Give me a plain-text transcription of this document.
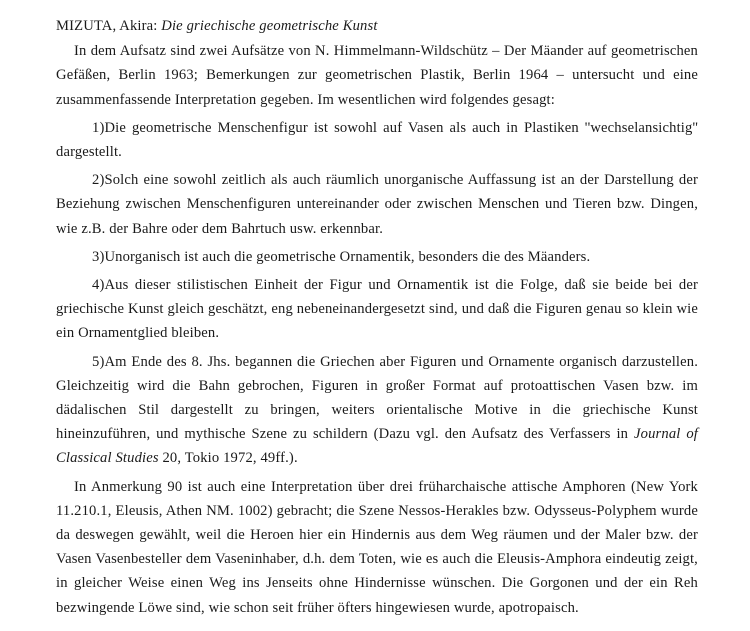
MIZUTA, Akira: Die griechische geometrische Kunst

In dem Aufsatz sind zwei Aufsätze von N. Himmelmann-Wildschütz – Der Mäander auf geometrischen Gefäßen, Berlin 1963; Bemerkungen zur geometrischen Plastik, Berlin 1964 – untersucht und eine zusammenfassende Interpretation gegeben. Im wesentlichen wird folgendes gesagt:

1)Die geometrische Menschenfigur ist sowohl auf Vasen als auch in Plastiken ''wechselansichtig'' dargestellt.

2)Solch eine sowohl zeitlich als auch räumlich unorganische Auffassung ist an der Darstellung der Beziehung zwischen Menschenfiguren untereinander oder zwischen Menschen und Tieren bzw. Dingen, wie z.B. der Bahre oder dem Bahrtuch usw. erkennbar.

3)Unorganisch ist auch die geometrische Ornamentik, besonders die des Mäanders.

4)Aus dieser stilistischen Einheit der Figur und Ornamentik ist die Folge, daß sie beide bei der griechische Kunst gleich geschätzt, eng nebeneinandergesetzt sind, und daß die Figuren genau so klein wie ein Ornamentglied bleiben.

5)Am Ende des 8. Jhs. begannen die Griechen aber Figuren und Ornamente organisch darzustellen. Gleichzeitig wird die Bahn gebrochen, Figuren in großer Format auf protoattischen Vasen bzw. im dädalischen Stil dargestellt zu bringen, weiters orientalische Motive in die griechische Kunst hineinzuführen, und mythische Szene zu schildern (Dazu vgl. den Aufsatz des Verfassers in Journal of Classical Studies 20, Tokio 1972, 49ff.).

In Anmerkung 90 ist auch eine Interpretation über drei früharchaische attische Amphoren (New York 11.210.1, Eleusis, Athen NM. 1002) gebracht; die Szene Nessos-Herakles bzw. Odysseus-Polyphem wurde da deswegen gewählt, weil die Heroen hier ein Hindernis aus dem Weg räumen und der Maler bzw. der Vasen Vasenbesteller dem Vaseninhaber, d.h. dem Toten, wie es auch die Eleusis-Amphora eindeutig zeigt, in gleicher Weise einen Weg ins Jenseits ohne Hindernisse wünschen. Die Gorgonen und der ein Reh bezwingende Löwe sind, wie schon seit früher öfters hingewiesen wurde, apotropaisch.
